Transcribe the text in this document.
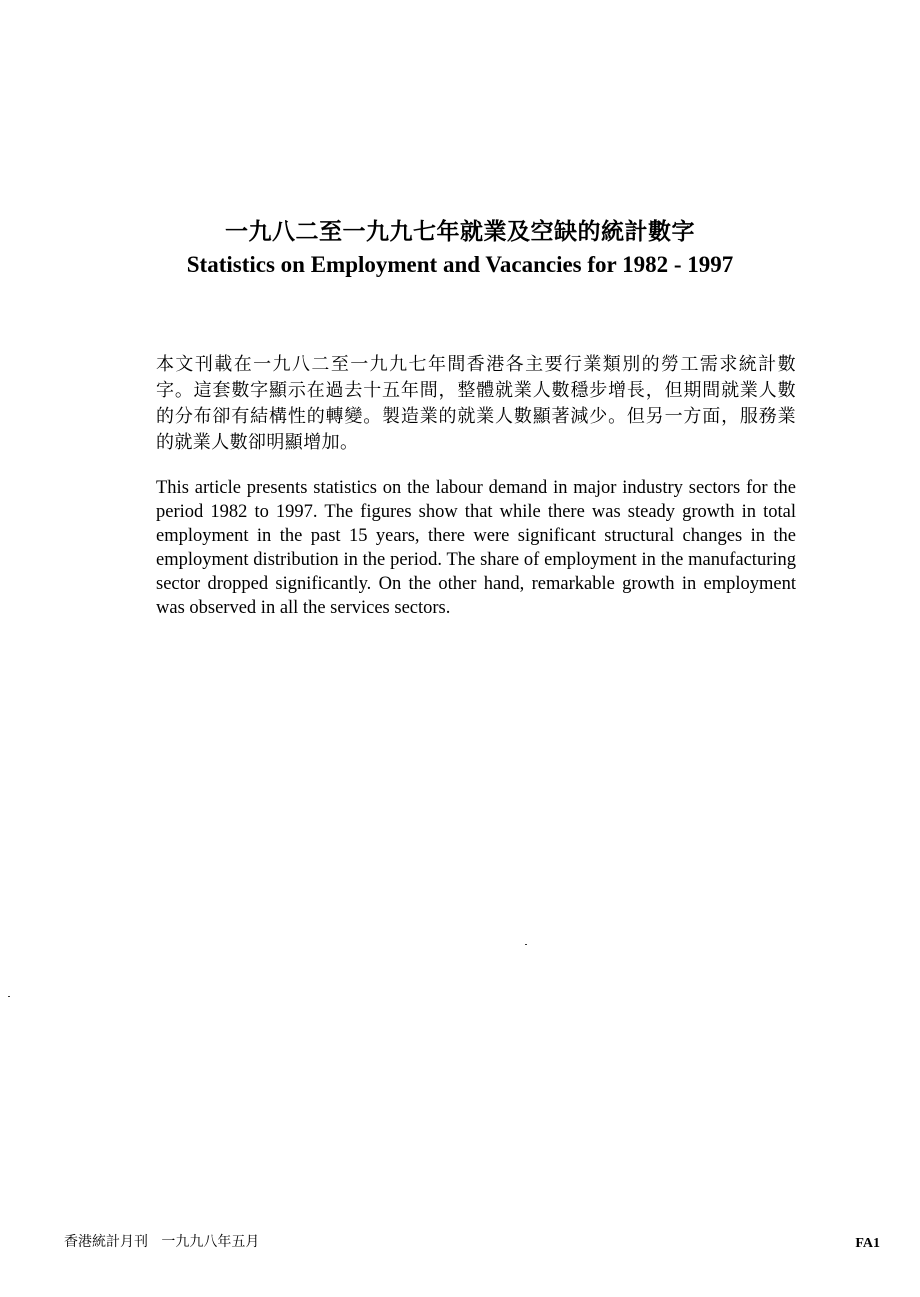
一九八二至一九九七年就業及空缺的統計數字
Statistics on Employment and Vacancies for 1982 - 1997
本文刊載在一九八二至一九九七年間香港各主要行業類別的勞工需求統計數字。這套數字顯示在過去十五年間，整體就業人數穩步增長，但期間就業人數的分布卻有結構性的轉變。製造業的就業人數顯著減少。但另一方面，服務業的就業人數卻明顯增加。
This article presents statistics on the labour demand in major industry sectors for the period 1982 to 1997. The figures show that while there was steady growth in total employment in the past 15 years, there were significant structural changes in the employment distribution in the period. The share of employment in the manufacturing sector dropped significantly. On the other hand, remarkable growth in employment was observed in all the services sectors.
香港統計月刊 一九九八年五月	FA1
